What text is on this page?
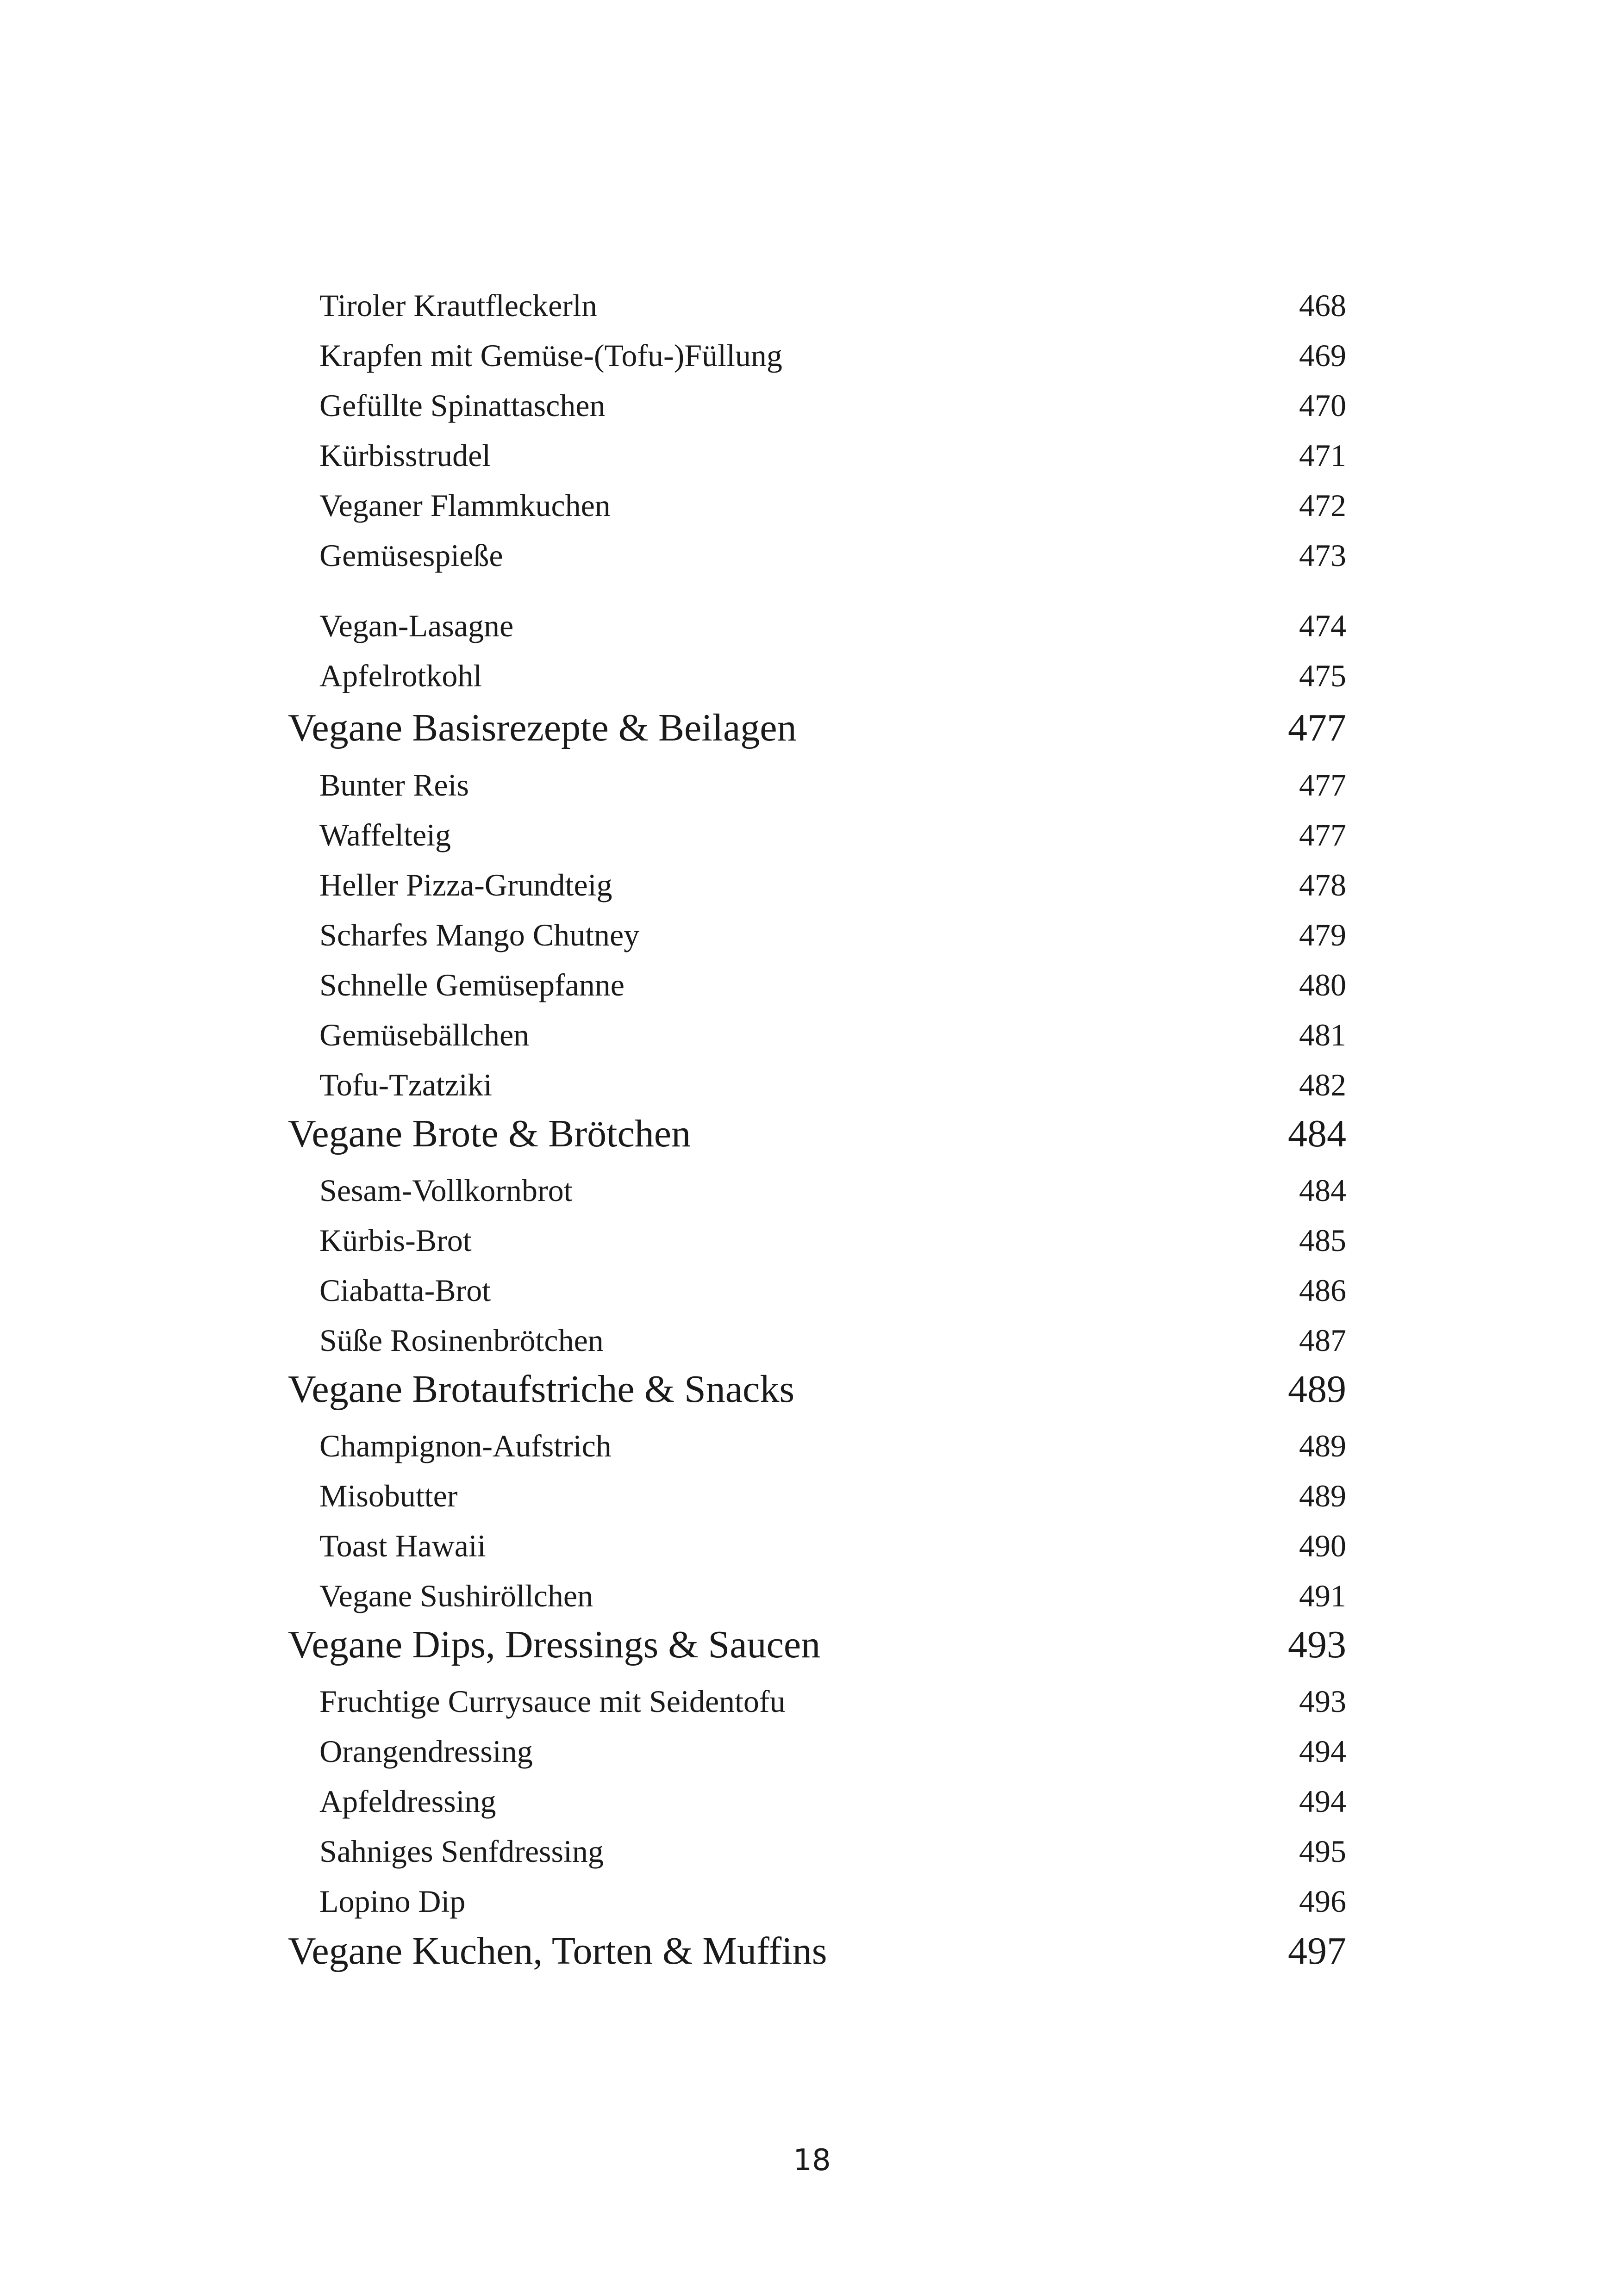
Tiroler Krautfleckerln	468
Krapfen mit Gemüse-(Tofu-)Füllung	469
Gefüllte Spinattaschen	470
Kürbisstrudel	471
Veganer Flammkuchen	472
Gemüsespieße	473
Vegan-Lasagne	474
Apfelrotkohl	475
Vegane Basisrezepte & Beilagen	477
Bunter Reis	477
Waffelteig	477
Heller Pizza-Grundteig	478
Scharfes Mango Chutney	479
Schnelle Gemüsepfanne	480
Gemüsebällchen	481
Tofu-Tzatziki	482
Vegane Brote & Brötchen	484
Sesam-Vollkornbrot	484
Kürbis-Brot	485
Ciabatta-Brot	486
Süße Rosinenbrötchen	487
Vegane Brotaufstriche & Snacks	489
Champignon-Aufstrich	489
Misobutter	489
Toast Hawaii	490
Vegane Sushiröllchen	491
Vegane Dips, Dressings & Saucen	493
Fruchtige Currysauce mit Seidentofu	493
Orangendressing	494
Apfeldressing	494
Sahniges Senfdressing	495
Lopino Dip	496
Vegane Kuchen, Torten & Muffins	497
18
